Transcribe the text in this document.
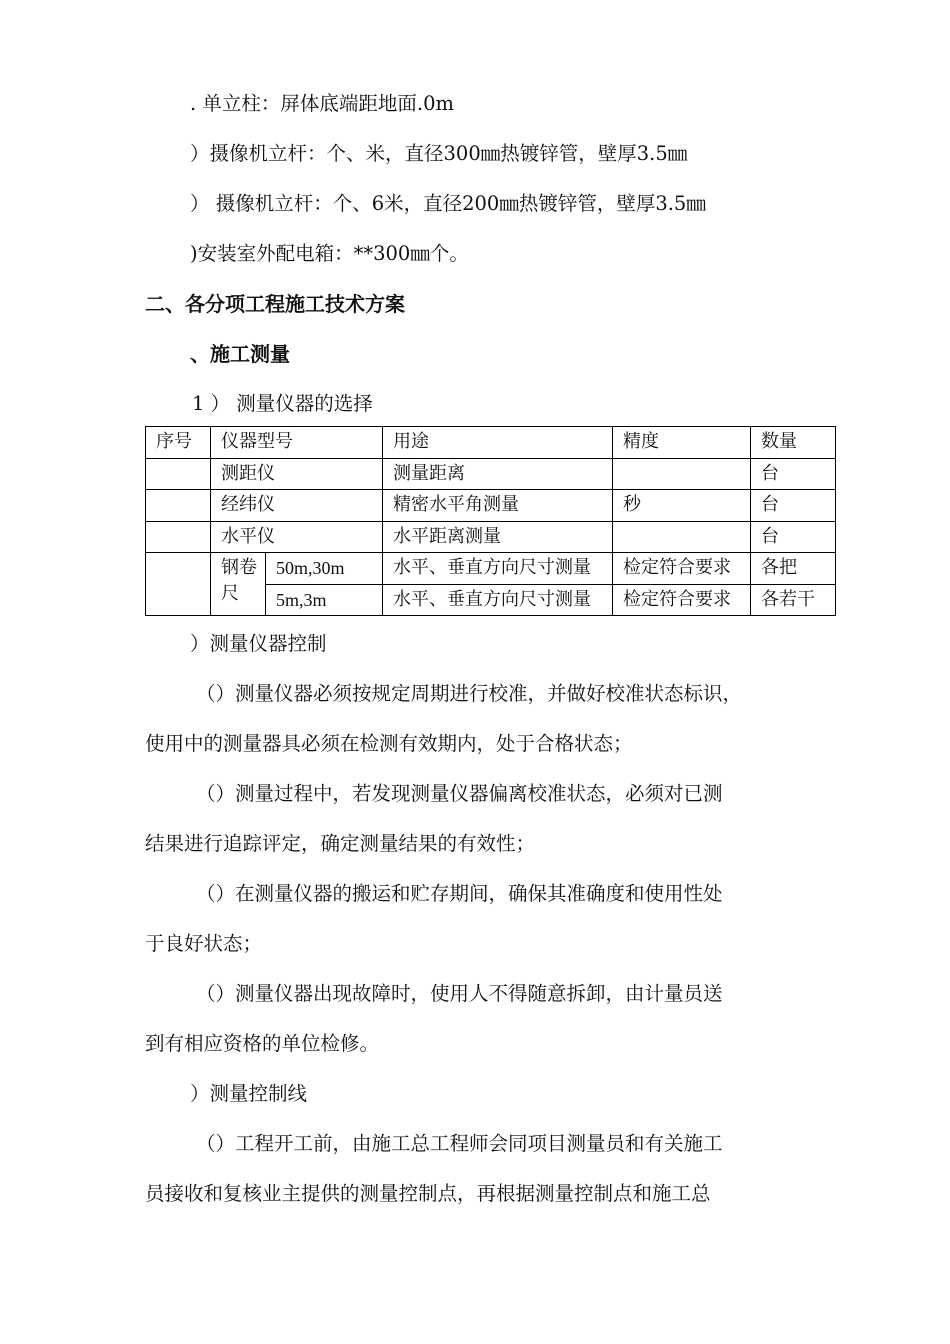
. 单立柱：屏体底端距地面.0m
）摄像机立杆：个、米，直径300㎜热镀锌管，壁厚3.5㎜
） 摄像机立杆：个、6米，直径200㎜热镀锌管，壁厚3.5㎜
)安装室外配电箱：**300㎜个。
二、各分项工程施工技术方案
、施工测量
1 ） 测量仪器的选择
序号	仪器型号		用途	精度	数量
	测距仪		测量距离		台
	经纬仪		精密水平角测量	秒	台
	水平仪		水平距离测量		台
	钢卷尺	50m,30m	水平、垂直方向尺寸测量	检定符合要求	各把
		5m,3m	水平、垂直方向尺寸测量	检定符合要求	各若干
）测量仪器控制
（）测量仪器必须按规定周期进行校准，并做好校准状态标识，
使用中的测量器具必须在检测有效期内，处于合格状态；
（）测量过程中，若发现测量仪器偏离校准状态，必须对已测
结果进行追踪评定，确定测量结果的有效性；
（）在测量仪器的搬运和贮存期间，确保其准确度和使用性处
于良好状态；
（）测量仪器出现故障时，使用人不得随意拆卸，由计量员送
到有相应资格的单位检修。
）测量控制线
（）工程开工前，由施工总工程师会同项目测量员和有关施工
员接收和复核业主提供的测量控制点，再根据测量控制点和施工总
